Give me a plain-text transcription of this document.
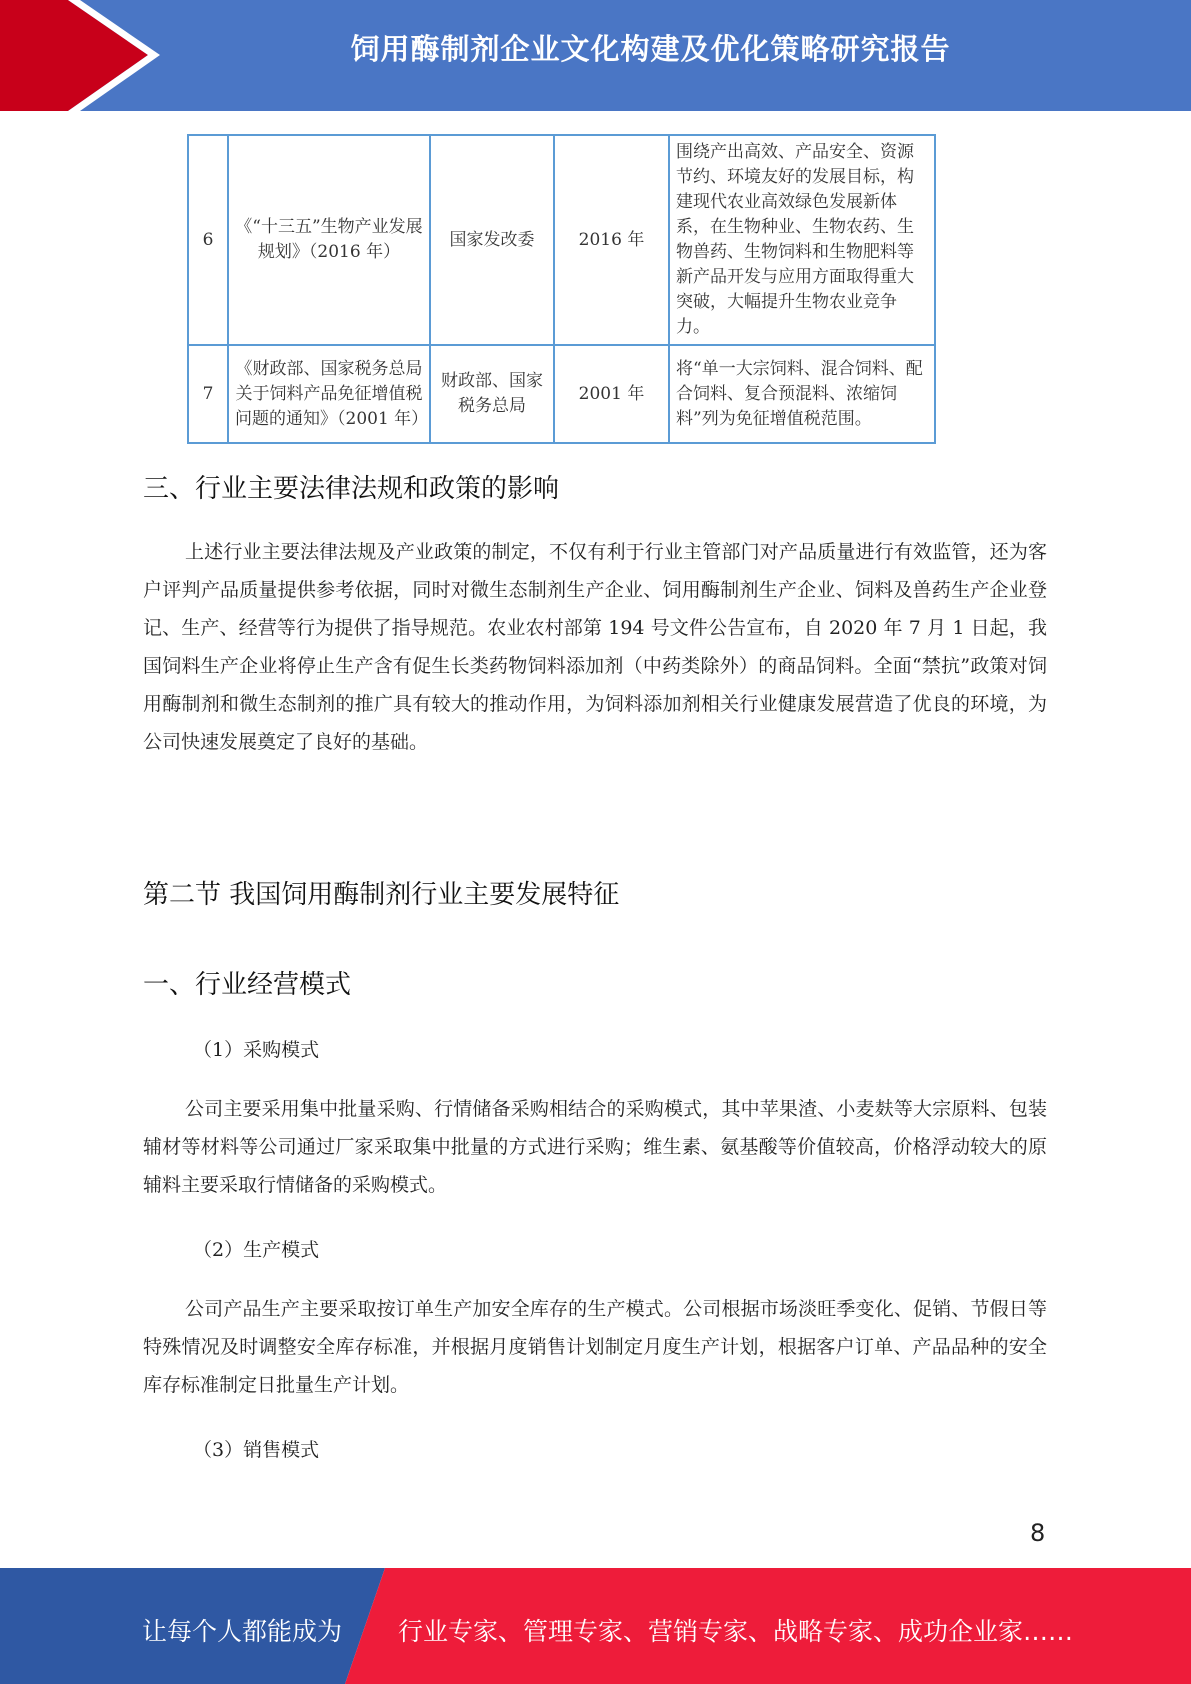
饲用酶制剂企业文化构建及优化策略研究报告
6	《“十三五”生物产业发展规划》（2016 年）	国家发改委	2016 年	围绕产出高效、产品安全、资源节约、环境友好的发展目标，构建现代农业高效绿色发展新体系，在生物种业、生物农药、生物兽药、生物饲料和生物肥料等新产品开发与应用方面取得重大突破，大幅提升生物农业竞争力。
7	《财政部、国家税务总局关于饲料产品免征增值税问题的通知》（2001 年）	财政部、国家税务总局	2001 年	将“单一大宗饲料、混合饲料、配合饲料、复合预混料、浓缩饲料”列为免征增值税范围。
三、行业主要法律法规和政策的影响

上述行业主要法律法规及产业政策的制定，不仅有利于行业主管部门对产品质量进行有效监管，还为客户评判产品质量提供参考依据，同时对微生态制剂生产企业、饲用酶制剂生产企业、饲料及兽药生产企业登记、生产、经营等行为提供了指导规范。农业农村部第 194 号文件公告宣布，自 2020 年 7 月 1 日起，我国饲料生产企业将停止生产含有促生长类药物饲料添加剂（中药类除外）的商品饲料。全面“禁抗”政策对饲用酶制剂和微生态制剂的推广具有较大的推动作用，为饲料添加剂相关行业健康发展营造了优良的环境，为公司快速发展奠定了良好的基础。

第二节 我国饲用酶制剂行业主要发展特征
一、行业经营模式
（1）采购模式

公司主要采用集中批量采购、行情储备采购相结合的采购模式，其中苹果渣、小麦麸等大宗原料、包装辅材等材料等公司通过厂家采取集中批量的方式进行采购；维生素、氨基酸等价值较高，价格浮动较大的原辅料主要采取行情储备的采购模式。

（2）生产模式

公司产品生产主要采取按订单生产加安全库存的生产模式。公司根据市场淡旺季变化、促销、节假日等特殊情况及时调整安全库存标准，并根据月度销售计划制定月度生产计划，根据客户订单、产品品种的安全库存标准制定日批量生产计划。

（3）销售模式
8
让每个人都能成为 行业专家、管理专家、营销专家、战略专家、成功企业家……
